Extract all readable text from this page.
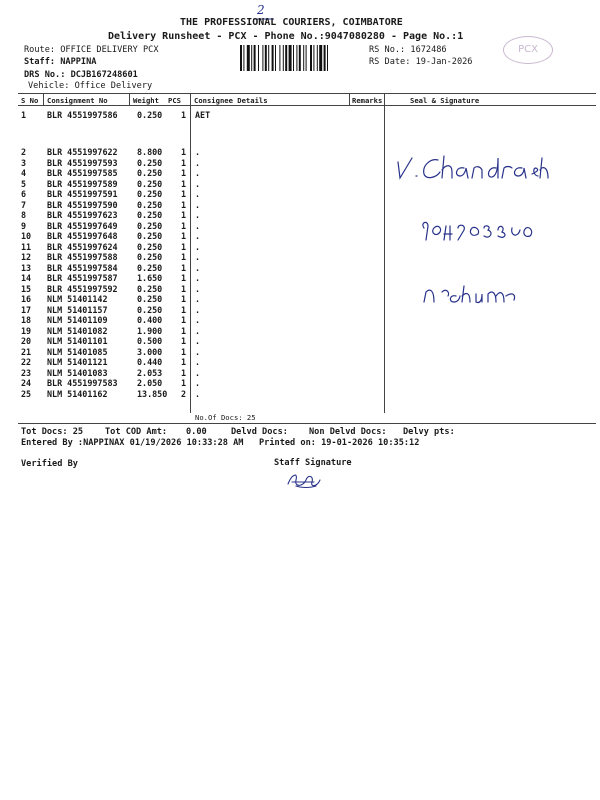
2
THE PROFESSIONAL COURIERS, COIMBATORE
Delivery Runsheet - PCX - Phone No.:9047080280 - Page No.:1
Route: OFFICE DELIVERY PCX
Staff: NAPPINA
DRS No.: DCJB167248601
Vehicle: Office Delivery
RS No.: 1672486
RS Date: 19-Jan-2026
PCX
S No Consignment No	Weight PCS Consignee Details	Remarks	Seal & Signature
1 BLR 4551997586 0.250 1 AET
2 BLR 4551997622 8.800 1 .
3 BLR 4551997593 0.250 1 .
4 BLR 4551997585 0.250 1 .
5 BLR 4551997589 0.250 1 .
6 BLR 4551997591 0.250 1 .
7 BLR 4551997590 0.250 1 .
8 BLR 4551997623 0.250 1 .
9 BLR 4551997649 0.250 1 .
10 BLR 4551997648 0.250 1 .
11 BLR 4551997624 0.250 1 .
12 BLR 4551997588 0.250 1 .
13 BLR 4551997584 0.250 1 .
14 BLR 4551997587 1.650 1 .
15 BLR 4551997592 0.250 1 .
16 NLM 51401142	0.250 1 .
17 NLM 51401157	0.250 1 .
18 NLM 51401109	0.400 1 .
19 NLM 51401082	1.900 1 .
20 NLM 51401101	0.500 1 .
21 NLM 51401085	3.000 1 .
22 NLM 51401121	0.440 1 .
23 NLM 51401083	2.053 1 .
24 BLR 4551997583 2.050 1 .
25 NLM 51401162	13.850 2 .
No.Of Docs: 25
Tot Docs: 25	Tot COD Amt: 0.00	Delvd Docs: Non Delvd Docs: Delvy pts:
Entered By :NAPPINAX 01/19/2026 10:33:28 AM Printed on: 19-01-2026 10:35:12
Verified By	Staff Signature
